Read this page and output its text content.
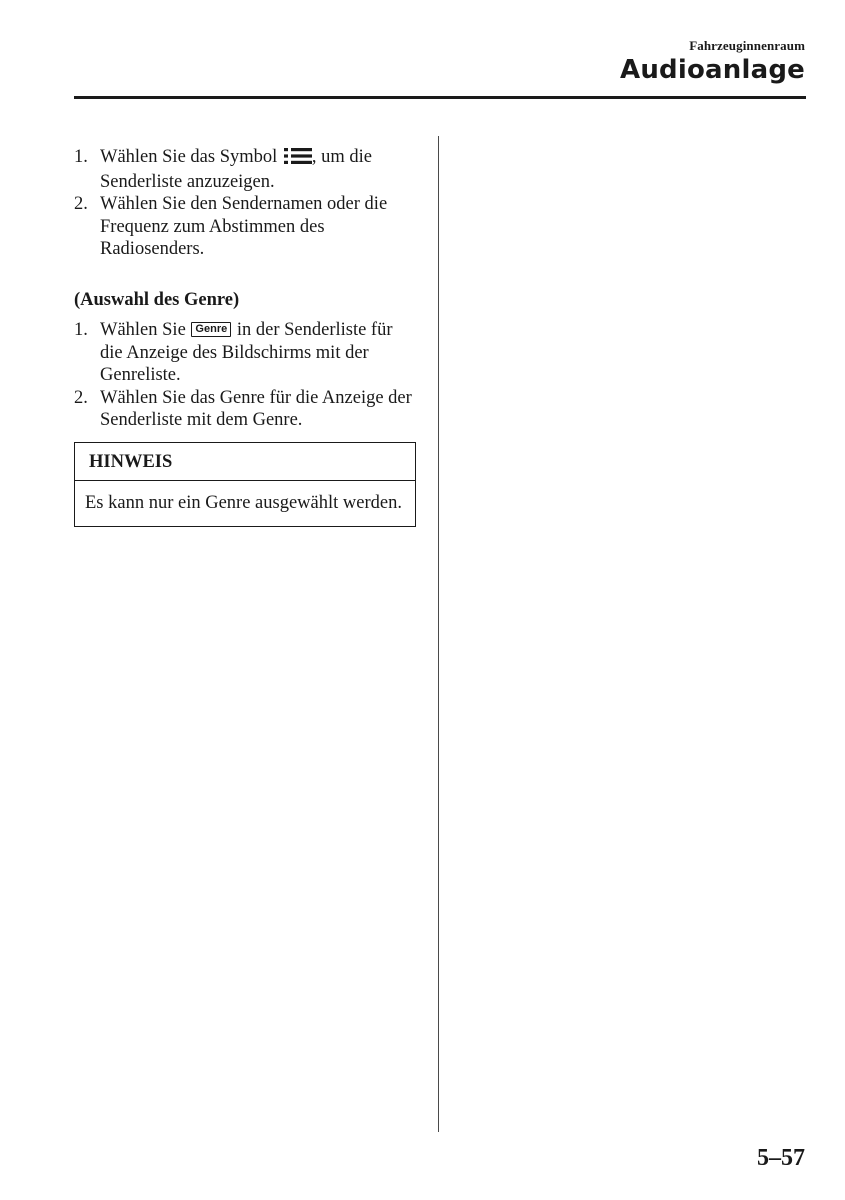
Fahrzeuginnenraum
Audioanlage
1. Wählen Sie das Symbol , um die Senderliste anzuzeigen.
2. Wählen Sie den Sendernamen oder die Frequenz zum Abstimmen des Radiosenders.
(Auswahl des Genre)
1. Wählen Sie Genre in der Senderliste für die Anzeige des Bildschirms mit der Genreliste.
2. Wählen Sie das Genre für die Anzeige der Senderliste mit dem Genre.
HINWEIS
Es kann nur ein Genre ausgewählt werden.
5–57
